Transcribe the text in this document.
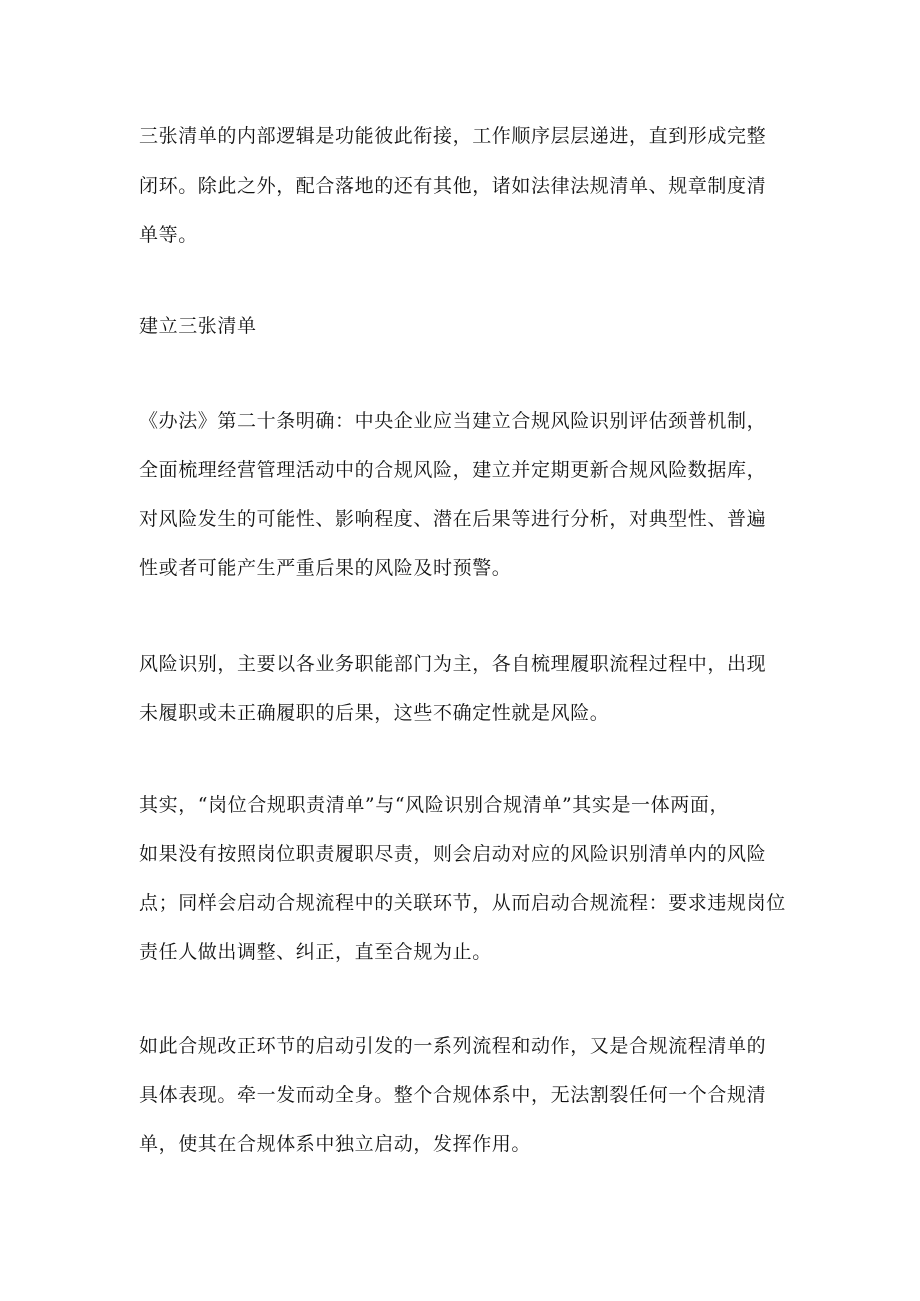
三张清单的内部逻辑是功能彼此衔接，工作顺序层层递进，直到形成完整

闭环。除此之外，配合落地的还有其他，诸如法律法规清单、规章制度清

单等。

建立三张清单

《办法》第二十条明确：中央企业应当建立合规风险识别评估颈普机制，

全面梳理经营管理活动中的合规风险，建立并定期更新合规风险数据库，

对风险发生的可能性、影响程度、潜在后果等进行分析，对典型性、普遍

性或者可能产生严重后果的风险及时预警。

风险识别，主要以各业务职能部门为主，各自梳理履职流程过程中，出现

未履职或未正确履职的后果，这些不确定性就是风险。

其实，“岗位合规职责清单”与“风险识别合规清单”其实是一体两面，

如果没有按照岗位职责履职尽责，则会启动对应的风险识别清单内的风险

点；同样会启动合规流程中的关联环节，从而启动合规流程：要求违规岗位

责任人做出调整、纠正，直至合规为止。

如此合规改正环节的启动引发的一系列流程和动作，又是合规流程清单的

具体表现。牵一发而动全身。整个合规体系中，无法割裂任何一个合规清

单，使其在合规体系中独立启动，发挥作用。
